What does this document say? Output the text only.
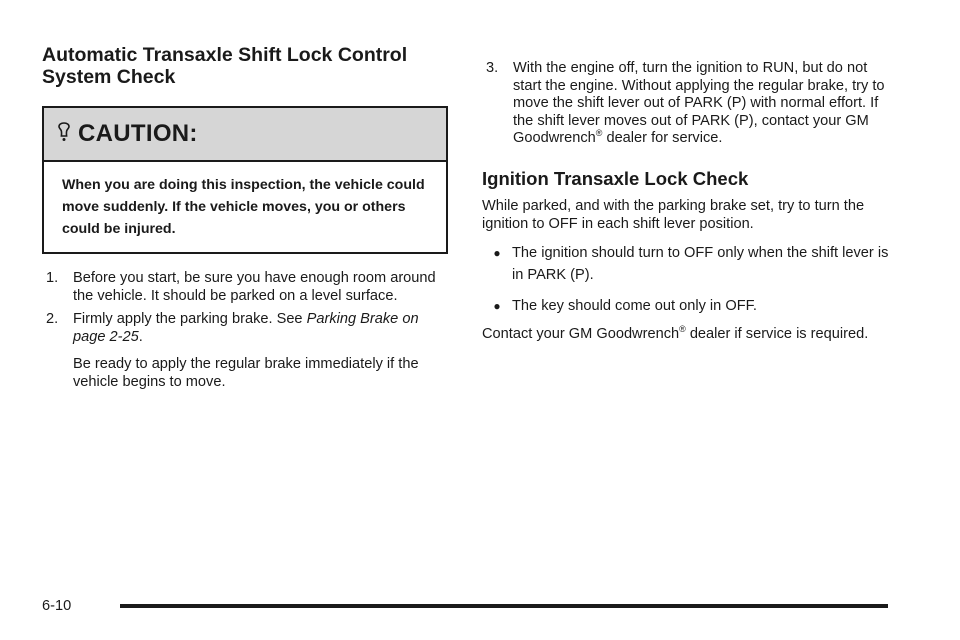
Automatic Transaxle Shift Lock Control
System Check
CAUTION:

When you are doing this inspection, the vehicle could move suddenly. If the vehicle moves, you or others could be injured.

1.	Before you start, be sure you have enough room around the vehicle. It should be parked on a level surface.
2.	Firmly apply the parking brake. See Parking Brake on page 2-25.

Be ready to apply the regular brake immediately if the vehicle begins to move.

3.	With the engine off, turn the ignition to RUN, but do not start the engine. Without applying the regular brake, try to move the shift lever out of PARK (P) with normal effort. If the shift lever moves out of PARK (P), contact your GM Goodwrench® dealer for service.
Ignition Transaxle Lock Check

While parked, and with the parking brake set, try to turn the ignition to OFF in each shift lever position.

● The ignition should turn to OFF only when the shift lever is in PARK (P).
● The key should come out only in OFF.

Contact your GM Goodwrench® dealer if service is required.

6-10
